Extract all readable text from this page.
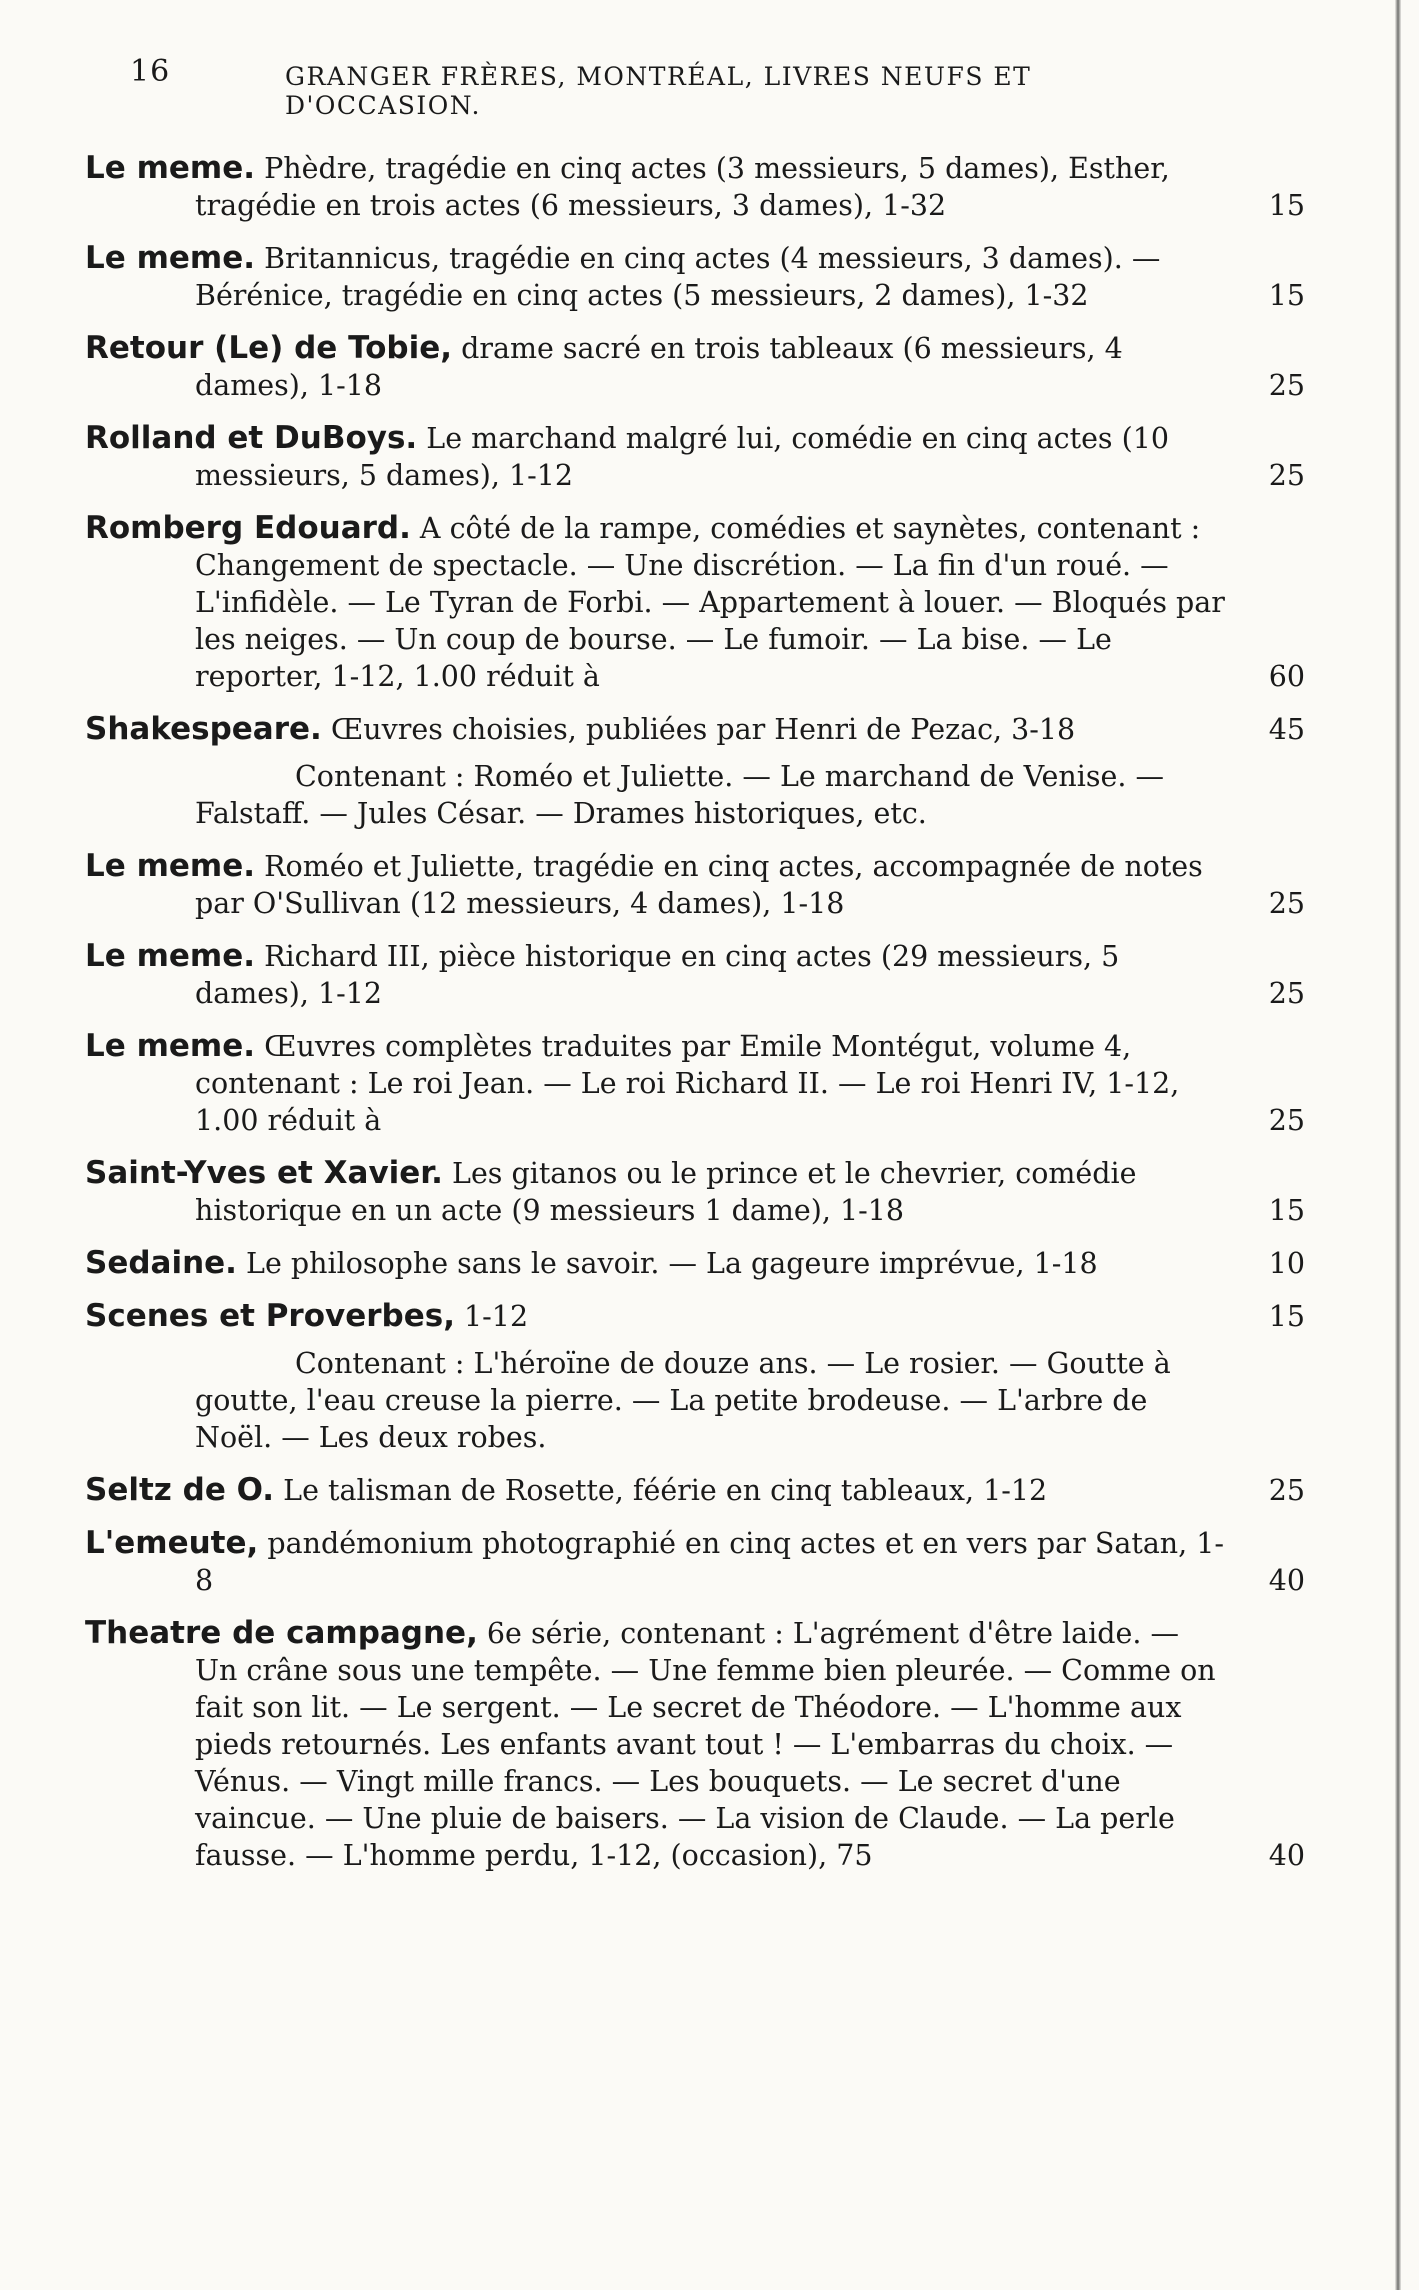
16	GRANGER FRÈRES, MONTRÉAL, LIVRES NEUFS ET D'OCCASION.
Le meme. Phèdre, tragédie en cinq actes (3 messieurs, 5 dames), Esther, tragédie en trois actes (6 messieurs, 3 dames), 1-32	15
Le meme. Britannicus, tragédie en cinq actes (4 messieurs, 3 dames). — Bérénice, tragédie en cinq actes (5 messieurs, 2 dames), 1-32	15
Retour (Le) de Tobie, drame sacré en trois tableaux (6 messieurs, 4 dames), 1-18	25
Rolland et DuBoys. Le marchand malgré lui, comédie en cinq actes (10 messieurs, 5 dames), 1-12	25
Romberg Edouard. A côté de la rampe, comédies et saynètes, contenant : Changement de spectacle. — Une discrétion. — La fin d'un roué. — L'infidèle. — Le Tyran de Forbi. — Appartement à louer. — Bloqués par les neiges. — Un coup de bourse. — Le fumoir. — La bise. — Le reporter, 1-12, 1.00 réduit à	60
Shakespeare. Œuvres choisies, publiées par Henri de Pezac, 3-18	45
Contenant : Roméo et Juliette. — Le marchand de Venise. — Falstaff. — Jules César. — Drames historiques, etc.
Le meme. Roméo et Juliette, tragédie en cinq actes, accompagnée de notes par O'Sullivan (12 messieurs, 4 dames), 1-18	25
Le meme. Richard III, pièce historique en cinq actes (29 messieurs, 5 dames), 1-12	25
Le meme. Œuvres complètes traduites par Emile Montégut, volume 4, contenant : Le roi Jean. — Le roi Richard II. — Le roi Henri IV, 1-12, 1.00 réduit à	25
Saint-Yves et Xavier. Les gitanos ou le prince et le chevrier, comédie historique en un acte (9 messieurs 1 dame), 1-18	15
Sedaine. Le philosophe sans le savoir. — La gageure imprévue, 1-18	10
Scenes et Proverbes, 1-12	15
Contenant : L'héroïne de douze ans. — Le rosier. — Goutte à goutte, l'eau creuse la pierre. — La petite brodeuse. — L'arbre de Noël. — Les deux robes.
Seltz de O. Le talisman de Rosette, féérie en cinq tableaux, 1-12	25
L'emeute, pandémonium photographié en cinq actes et en vers par Satan, 1-8	40
Theatre de campagne, 6e série, contenant : L'agrément d'être laide. — Un crâne sous une tempête. — Une femme bien pleurée. — Comme on fait son lit. — Le sergent. — Le secret de Théodore. — L'homme aux pieds retournés. Les enfants avant tout ! — L'embarras du choix. — Vénus. — Vingt mille francs. — Les bouquets. — Le secret d'une vaincue. — Une pluie de baisers. — La vision de Claude. — La perle fausse. — L'homme perdu, 1-12, (occasion), 75	40
